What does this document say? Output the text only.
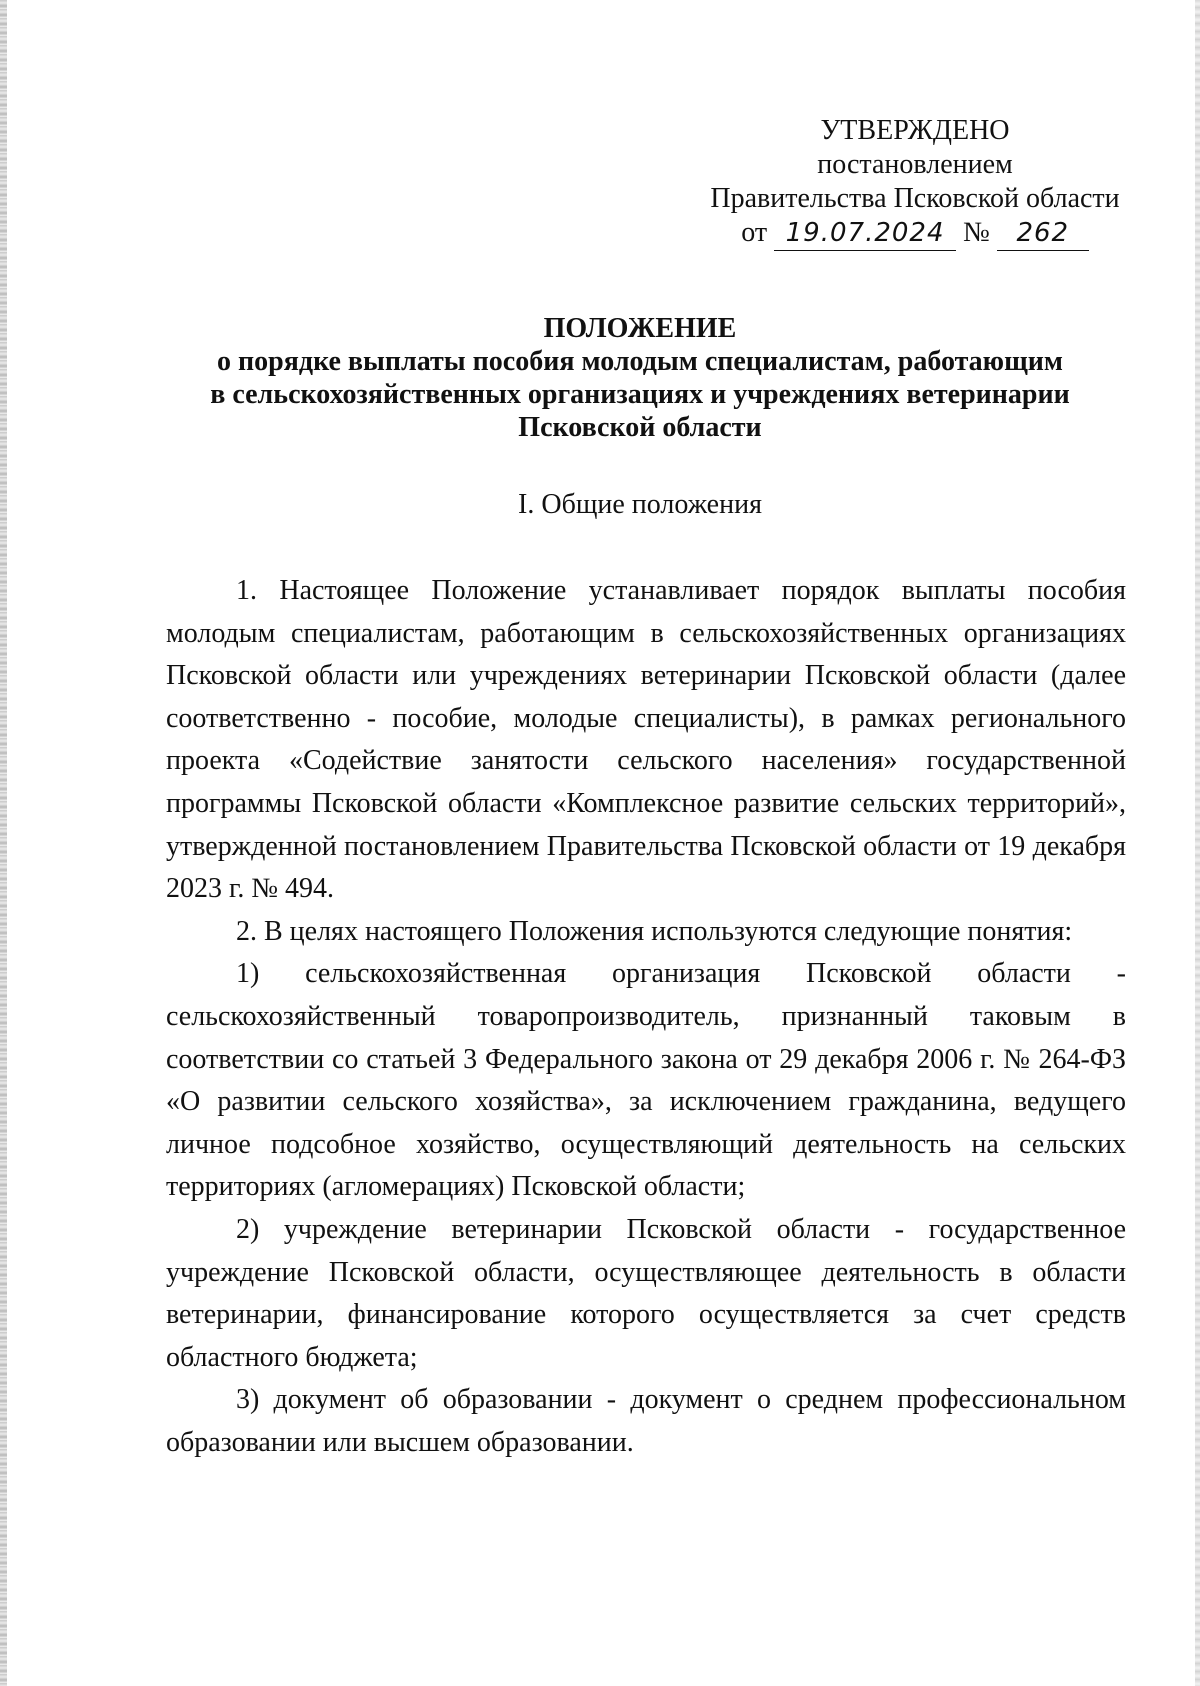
УТВЕРЖДЕНО
постановлением
Правительства Псковской области
от 19.07.2024 № 262
ПОЛОЖЕНИЕ
о порядке выплаты пособия молодым специалистам, работающим
в сельскохозяйственных организациях и учреждениях ветеринарии
Псковской области
I. Общие положения

1. Настоящее Положение устанавливает порядок выплаты пособия молодым специалистам, работающим в сельскохозяйственных организациях Псковской области или учреждениях ветеринарии Псковской области (далее соответственно - пособие, молодые специалисты), в рамках регионального проекта «Содействие занятости сельского населения» государственной программы Псковской области «Комплексное развитие сельских территорий», утвержденной постановлением Правительства Псковской области от 19 декабря 2023 г. № 494.

2. В целях настоящего Положения используются следующие понятия:

1) сельскохозяйственная организация Псковской области - сельскохозяйственный товаропроизводитель, признанный таковым в соответствии со статьей 3 Федерального закона от 29 декабря 2006 г. № 264-ФЗ «О развитии сельского хозяйства», за исключением гражданина, ведущего личное подсобное хозяйство, осуществляющий деятельность на сельских территориях (агломерациях) Псковской области;

2) учреждение ветеринарии Псковской области - государственное учреждение Псковской области, осуществляющее деятельность в области ветеринарии, финансирование которого осуществляется за счет средств областного бюджета;

3) документ об образовании - документ о среднем профессиональном образовании или высшем образовании.
